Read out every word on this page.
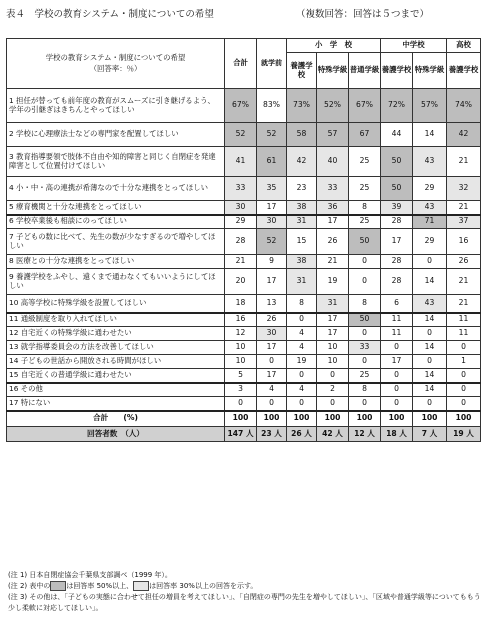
表４　学校の教育システム・制度についての希望	（複数回答：回答は５つまで）
学校の教育システム・制度についての希望
（回答率：％）	合計	就学前	小　学　校			中学校		高校
			養護学校	特殊学級	普通学級	養護学校	特殊学級	養護学校
1 担任が替っても前年度の教育がスムーズに引き継げるよう、学年の引継ぎはきちんとやってほしい	67%	83%	73%	52%	67%	72%	57%	74%
2 学校に心理療法士などの専門家を配置してほしい	52	52	58	57	67	44	14	42
3 教育指導要領で肢体不自由や知的障害と同じく自閉症を発達障害として位置付けてほしい	41	61	42	40	25	50	43	21
4 小・中・高の連携が希薄なので十分な連携をとってほしい	33	35	23	33	25	50	29	32
5 療育機関と十分な連携をとってほしい	30	17	38	36	8	39	43	21
6 学校卒業後も相談にのってほしい	29	30	31	17	25	28	71	37
7 子どもの数に比べて、先生の数が少なすぎるので増やしてほしい	28	52	15	26	50	17	29	16
8 医療との十分な連携をとってほしい	21	9	38	21	0	28	0	26
9 養護学校をふやし、遠くまで通わなくてもいいようにしてほしい	20	17	31	19	0	28	14	21
10 高等学校に特殊学級を設置してほしい	18	13	8	31	8	6	43	21
11 通級制度を取り入れてほしい	16	26	0	17	50	11	14	11
12 自宅近くの特殊学級に通わせたい	12	30	4	17	0	11	0	11
13 就学指導委員会の方法を改善してほしい	10	17	4	10	33	0	14	0
14 子どもの世話から開放される時間がほしい	10	0	19	10	0	17	0	1
15 自宅近くの普通学級に通わせたい	5	17	0	0	25	0	14	0
16 その他	3	4	4	2	8	0	14	0
17 特にない	0	0	0	0	0	0	0	0
合計　　(%)	100	100	100	100	100	100	100	100
回答者数　（人）	147 人	23 人	26 人	42 人	12 人	18 人	7 人	19 人
(注 1) 日本自閉症協会千葉県支部調べ（1999 年）。
(注 2) 表中の は回答率 50%以上、 は回答率 30%以上の回答を示す。
(注 3) その他は、「子どもの実態に合わせて担任の増員を考えてほしい」、「自閉症の専門の先生を増やしてほしい」、「区域や普通学級等についてももう少し柔軟に対応してほしい」。
